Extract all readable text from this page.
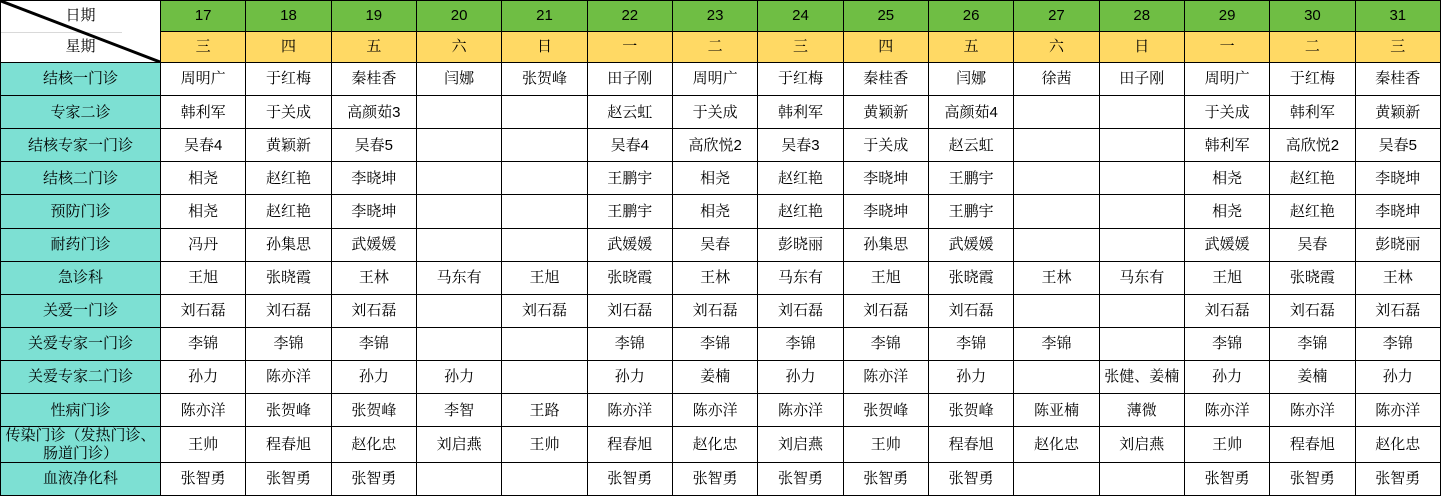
日期
星期	17	18	19	20	21	22	23	24	25	26	27	28	29	30	31
	三	四	五	六	日	一	二	三	四	五	六	日	一	二	三
结核一门诊	周明广	于红梅	秦桂香	闫娜	张贺峰	田子刚	周明广	于红梅	秦桂香	闫娜	徐茜	田子刚	周明广	于红梅	秦桂香
专家二诊	韩利军	于关成	高颜茹3			赵云虹	于关成	韩利军	黄颖新	高颜茹4			于关成	韩利军	黄颖新
结核专家一门诊	吴春4	黄颖新	吴春5			吴春4	高欣悦2	吴春3	于关成	赵云虹			韩利军	高欣悦2	吴春5
结核二门诊	相尧	赵红艳	李晓坤			王鹏宇	相尧	赵红艳	李晓坤	王鹏宇			相尧	赵红艳	李晓坤
预防门诊	相尧	赵红艳	李晓坤			王鹏宇	相尧	赵红艳	李晓坤	王鹏宇			相尧	赵红艳	李晓坤
耐药门诊	冯丹	孙集思	武媛媛			武媛媛	吴春	彭晓丽	孙集思	武媛媛			武媛媛	吴春	彭晓丽
急诊科	王旭	张晓霞	王林	马东有	王旭	张晓霞	王林	马东有	王旭	张晓霞	王林	马东有	王旭	张晓霞	王林
关爱一门诊	刘石磊	刘石磊	刘石磊		刘石磊	刘石磊	刘石磊	刘石磊	刘石磊	刘石磊			刘石磊	刘石磊	刘石磊
关爱专家一门诊	李锦	李锦	李锦			李锦	李锦	李锦	李锦	李锦	李锦		李锦	李锦	李锦
关爱专家二门诊	孙力	陈亦洋	孙力	孙力		孙力	姜楠	孙力	陈亦洋	孙力		张健、姜楠	孙力	姜楠	孙力
性病门诊	陈亦洋	张贺峰	张贺峰	李智	王路	陈亦洋	陈亦洋	陈亦洋	张贺峰	张贺峰	陈亚楠	薄微	陈亦洋	陈亦洋	陈亦洋
传染门诊（发热门诊、肠道门诊）	王帅	程春旭	赵化忠	刘启燕	王帅	程春旭	赵化忠	刘启燕	王帅	程春旭	赵化忠	刘启燕	王帅	程春旭	赵化忠
血液净化科	张智勇	张智勇	张智勇			张智勇	张智勇	张智勇	张智勇	张智勇			张智勇	张智勇	张智勇
